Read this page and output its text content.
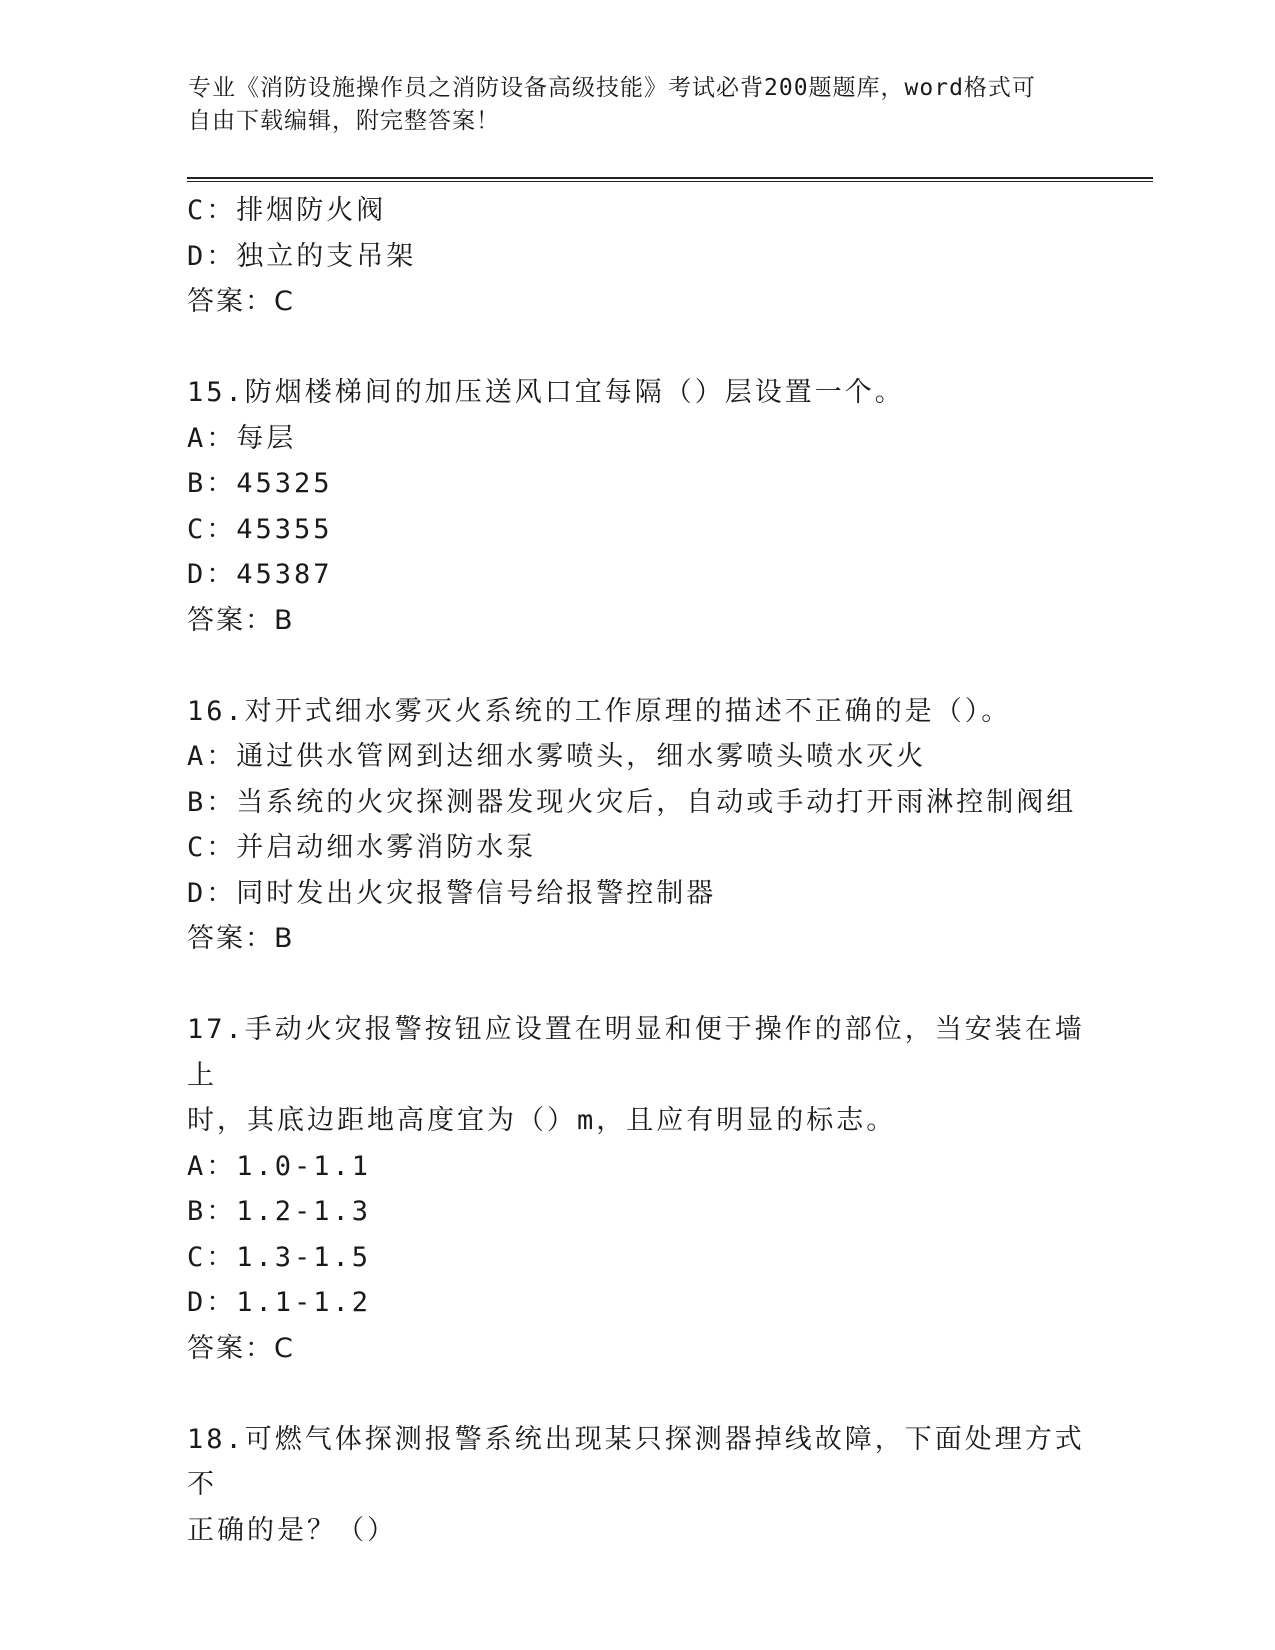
专业《消防设施操作员之消防设备高级技能》考试必背200题题库，word格式可
自由下载编辑，附完整答案！
C：排烟防火阀
D：独立的支吊架
答案：C
15.防烟楼梯间的加压送风口宜每隔（）层设置一个。
A：每层
B：45325
C：45355
D：45387
答案：B
16.对开式细水雾灭火系统的工作原理的描述不正确的是（）。
A：通过供水管网到达细水雾喷头，细水雾喷头喷水灭火
B：当系统的火灾探测器发现火灾后，自动或手动打开雨淋控制阀组
C：并启动细水雾消防水泵
D：同时发出火灾报警信号给报警控制器
答案：B
17.手动火灾报警按钮应设置在明显和便于操作的部位，当安装在墙上
时，其底边距地高度宜为（）m，且应有明显的标志。
A：1.0-1.1
B：1.2-1.3
C：1.3-1.5
D：1.1-1.2
答案：C
18.可燃气体探测报警系统出现某只探测器掉线故障，下面处理方式不
正确的是？（）
